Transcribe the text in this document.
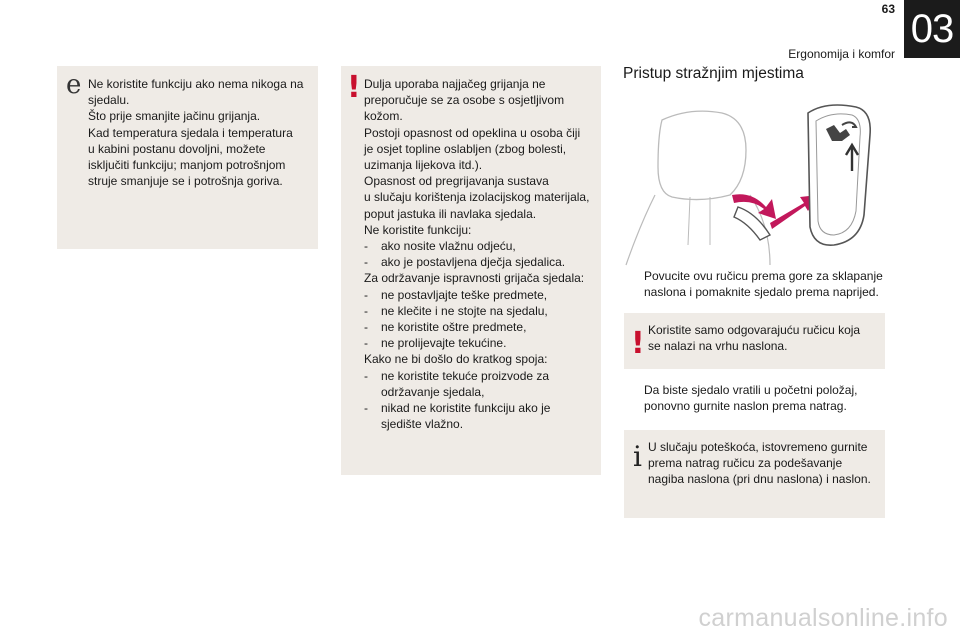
63
Ergonomija i komfor
03
e Ne koristite funkciju ako nema nikoga na

sjedalu.

Što prije smanjite jačinu grijanja.

Kad temperatura sjedala i temperatura

u kabini postanu dovoljni, možete

isključiti funkciju; manjom potrošnjom

struje smanjuje se i potrošnja goriva.

! Dulja uporaba najjačeg grijanja ne

preporučuje se za osobe s osjetljivom

kožom.

Postoji opasnost od opeklina u osoba čiji

je osjet topline oslabljen (zbog bolesti,

uzimanja lijekova itd.).

Opasnost od pregrijavanja sustava

u slučaju korištenja izolacijskog materijala,

poput jastuka ili navlaka sjedala.

Ne koristite funkciju:

- ako nosite vlažnu odjeću,

- ako je postavljena dječja sjedalica.

Za održavanje ispravnosti grijača sjedala:

- ne postavljajte teške predmete,

- ne klečite i ne stojte na sjedalu,

- ne koristite oštre predmete,

- ne prolijevajte tekućine.

Kako ne bi došlo do kratkog spoja:

- ne koristite tekuće proizvode za

održavanje sjedala,

- nikad ne koristite funkciju ako je

sjedište vlažno.

Pristup stražnjim mjestima

Povucite ovu ručicu prema gore za sklapanje

naslona i pomaknite sjedalo prema naprijed.

! Koristite samo odgovarajuću ručicu koja

se nalazi na vrhu naslona.

Da biste sjedalo vratili u početni položaj,

ponovno gurnite naslon prema natrag.

i U slučaju poteškoća, istovremeno gurnite

prema natrag ručicu za podešavanje

nagiba naslona (pri dnu naslona) i naslon.

carmanualsonline.info
